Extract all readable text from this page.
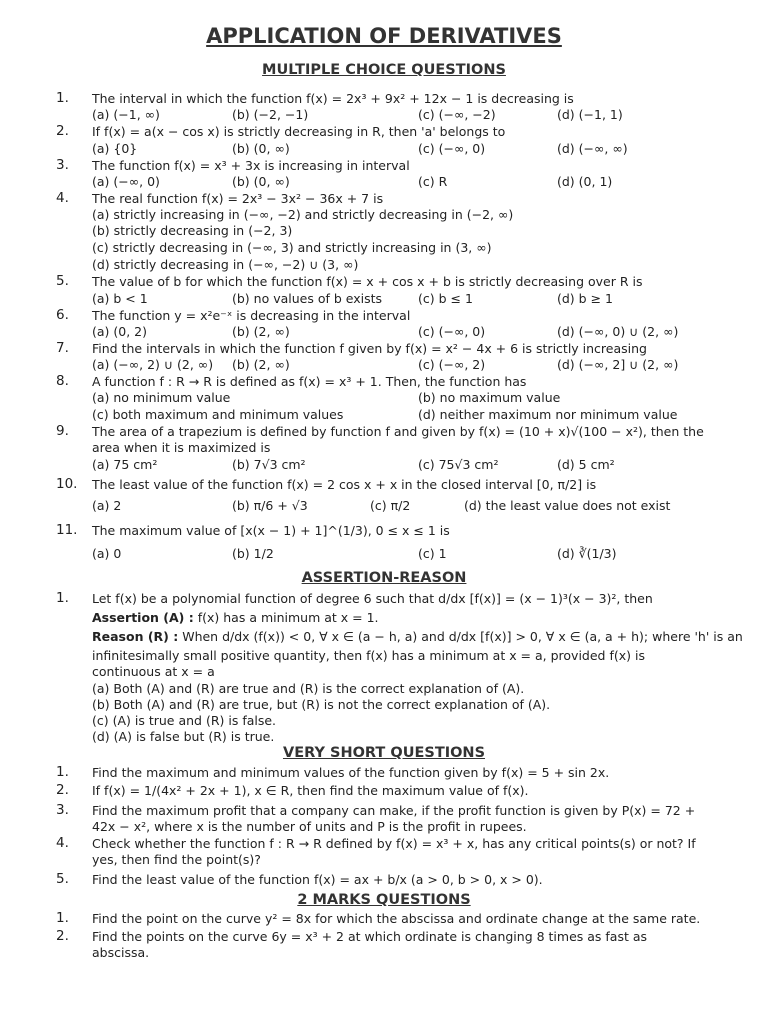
APPLICATION OF DERIVATIVES
MULTIPLE CHOICE QUESTIONS
1. The interval in which the function f(x) = 2x³ + 9x² + 12x − 1 is decreasing is
(a) (−1, ∞)	(b) (−2, −1)	(c) (−∞, −2)	(d) (−1, 1)
2. If f(x) = a(x − cos x) is strictly decreasing in R, then 'a' belongs to
(a) {0}	(b) (0, ∞)	(c) (−∞, 0)	(d) (−∞, ∞)
3. The function f(x) = x³ + 3x is increasing in interval
(a) (−∞, 0)	(b) (0, ∞)	(c) R	(d) (0, 1)
4. The real function f(x) = 2x³ − 3x² − 36x + 7 is
(a) strictly increasing in (−∞, −2) and strictly decreasing in (−2, ∞)
(b) strictly decreasing in (−2, 3)
(c) strictly decreasing in (−∞, 3) and strictly increasing in (3, ∞)
(d) strictly decreasing in (−∞, −2) ∪ (3, ∞)
5. The value of b for which the function f(x) = x + cos x + b is strictly decreasing over R is
(a) b < 1	(b) no values of b exists	(c) b ≤ 1	(d) b ≥ 1
6. The function y = x²e⁻ˣ is decreasing in the interval
(a) (0, 2)	(b) (2, ∞)	(c) (−∞, 0)	(d) (−∞, 0) ∪ (2, ∞)
7. Find the intervals in which the function f given by f(x) = x² − 4x + 6 is strictly increasing
(a) (−∞, 2) ∪ (2, ∞) (b) (2, ∞)	(c) (−∞, 2)	(d) (−∞, 2] ∪ (2, ∞)
8. A function f : R → R is defined as f(x) = x³ + 1. Then, the function has
(a) no minimum value	(b) no maximum value
(c) both maximum and minimum values	(d) neither maximum nor minimum value
9. The area of a trapezium is defined by function f and given by f(x) = (10 + x)√(100 − x²), then the
area when it is maximized is
(a) 75 cm²	(b) 7√3 cm²	(c) 75√3 cm²	(d) 5 cm²
10. The least value of the function f(x) = 2 cos x + x in the closed interval [0, π/2] is
(a) 2	(b) π/6 + √3	(c) π/2	(d) the least value does not exist
11. The maximum value of [x(x − 1) + 1]^(1/3), 0 ≤ x ≤ 1 is
(a) 0	(b) 1/2	(c) 1	(d) ∛(1/3)
ASSERTION-REASON
1. Let f(x) be a polynomial function of degree 6 such that d/dx [f(x)] = (x − 1)³(x − 3)², then
Assertion (A) : f(x) has a minimum at x = 1.
Reason (R) : When d/dx (f(x)) < 0, ∀ x ∈ (a − h, a) and d/dx [f(x)] > 0, ∀ x ∈ (a, a + h); where 'h' is an
infinitesimally small positive quantity, then f(x) has a minimum at x = a, provided f(x) is
continuous at x = a
(a) Both (A) and (R) are true and (R) is the correct explanation of (A).
(b) Both (A) and (R) are true, but (R) is not the correct explanation of (A).
(c) (A) is true and (R) is false.
(d) (A) is false but (R) is true.
VERY SHORT QUESTIONS
1. Find the maximum and minimum values of the function given by f(x) = 5 + sin 2x.
2. If f(x) = 1/(4x² + 2x + 1), x ∈ R, then find the maximum value of f(x).
3. Find the maximum profit that a company can make, if the profit function is given by P(x) = 72 +
42x − x², where x is the number of units and P is the profit in rupees.
4. Check whether the function f : R → R defined by f(x) = x³ + x, has any critical points(s) or not? If
yes, then find the point(s)?
5. Find the least value of the function f(x) = ax + b/x (a > 0, b > 0, x > 0).
2 MARKS QUESTIONS
1. Find the point on the curve y² = 8x for which the abscissa and ordinate change at the same rate.
2. Find the points on the curve 6y = x³ + 2 at which ordinate is changing 8 times as fast as
abscissa.
